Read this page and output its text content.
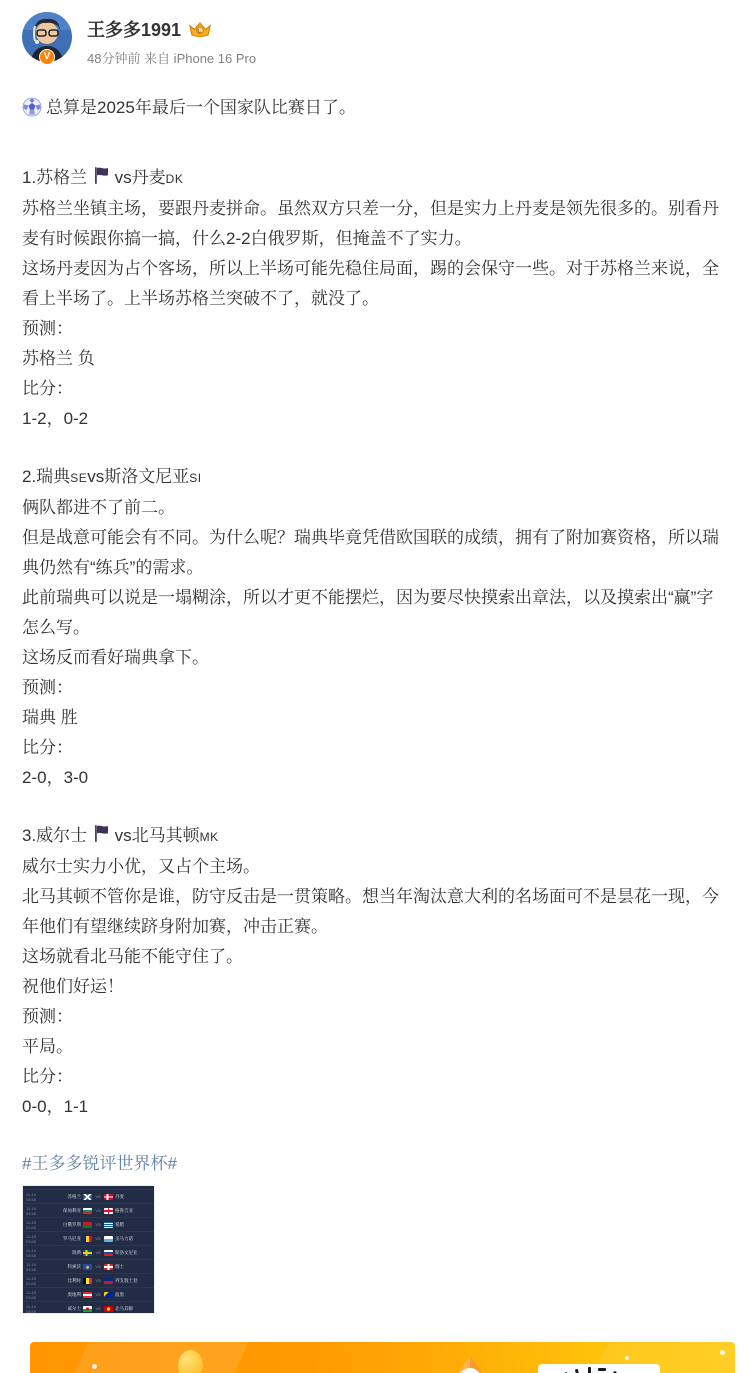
V
王多多1991
48分钟前 来自 iPhone 16 Pro

总算是2025年最后一个国家队比赛日了。

1.苏格兰  vs丹麦DK

苏格兰坐镇主场，要跟丹麦拼命。虽然双方只差一分，但是实力上丹麦是领先很多的。别看丹麦有时候跟你搞一搞，什么2-2白俄罗斯，但掩盖不了实力。

这场丹麦因为占个客场，所以上半场可能先稳住局面，踢的会保守一些。对于苏格兰来说，全看上半场了。上半场苏格兰突破不了，就没了。

预测：

苏格兰 负

比分：

1-2，0-2

2.瑞典SEvs斯洛文尼亚SI

俩队都进不了前二。

但是战意可能会有不同。为什么呢？瑞典毕竟凭借欧国联的成绩，拥有了附加赛资格，所以瑞典仍然有“练兵”的需求。

此前瑞典可以说是一塌糊涂，所以才更不能摆烂，因为要尽快摸索出章法，以及摸索出“赢”字怎么写。

这场反而看好瑞典拿下。

预测：

瑞典 胜

比分：

2-0，3-0

3.威尔士  vs北马其顿MK

威尔士实力小优，又占个主场。

北马其顿不管你是谁，防守反击是一贯策略。想当年淘汰意大利的名场面可不是昙花一现，今年他们有望继续跻身附加赛，冲击正赛。

这场就看北马能不能守住了。

祝他们好运！

预测：

平局。

比分：

0-0，1-1

#王多多锐评世界杯#

11-19
03:45
苏格兰	VS	丹麦
11-19
03:45
保加利亚	VS	格鲁吉亚
11-19
03:45
白俄罗斯	VS	希腊
11-19
03:45
罗马尼亚	VS	圣马力诺
11-19
03:45
瑞典	VS	斯洛文尼亚
11-19
03:45
科索沃	VS	瑞士
11-19
03:45
比利时	VS	列支敦士登
11-19
03:45
奥地利	VS	波黑
11-19
03:45
威尔士	VS	北马其顿
